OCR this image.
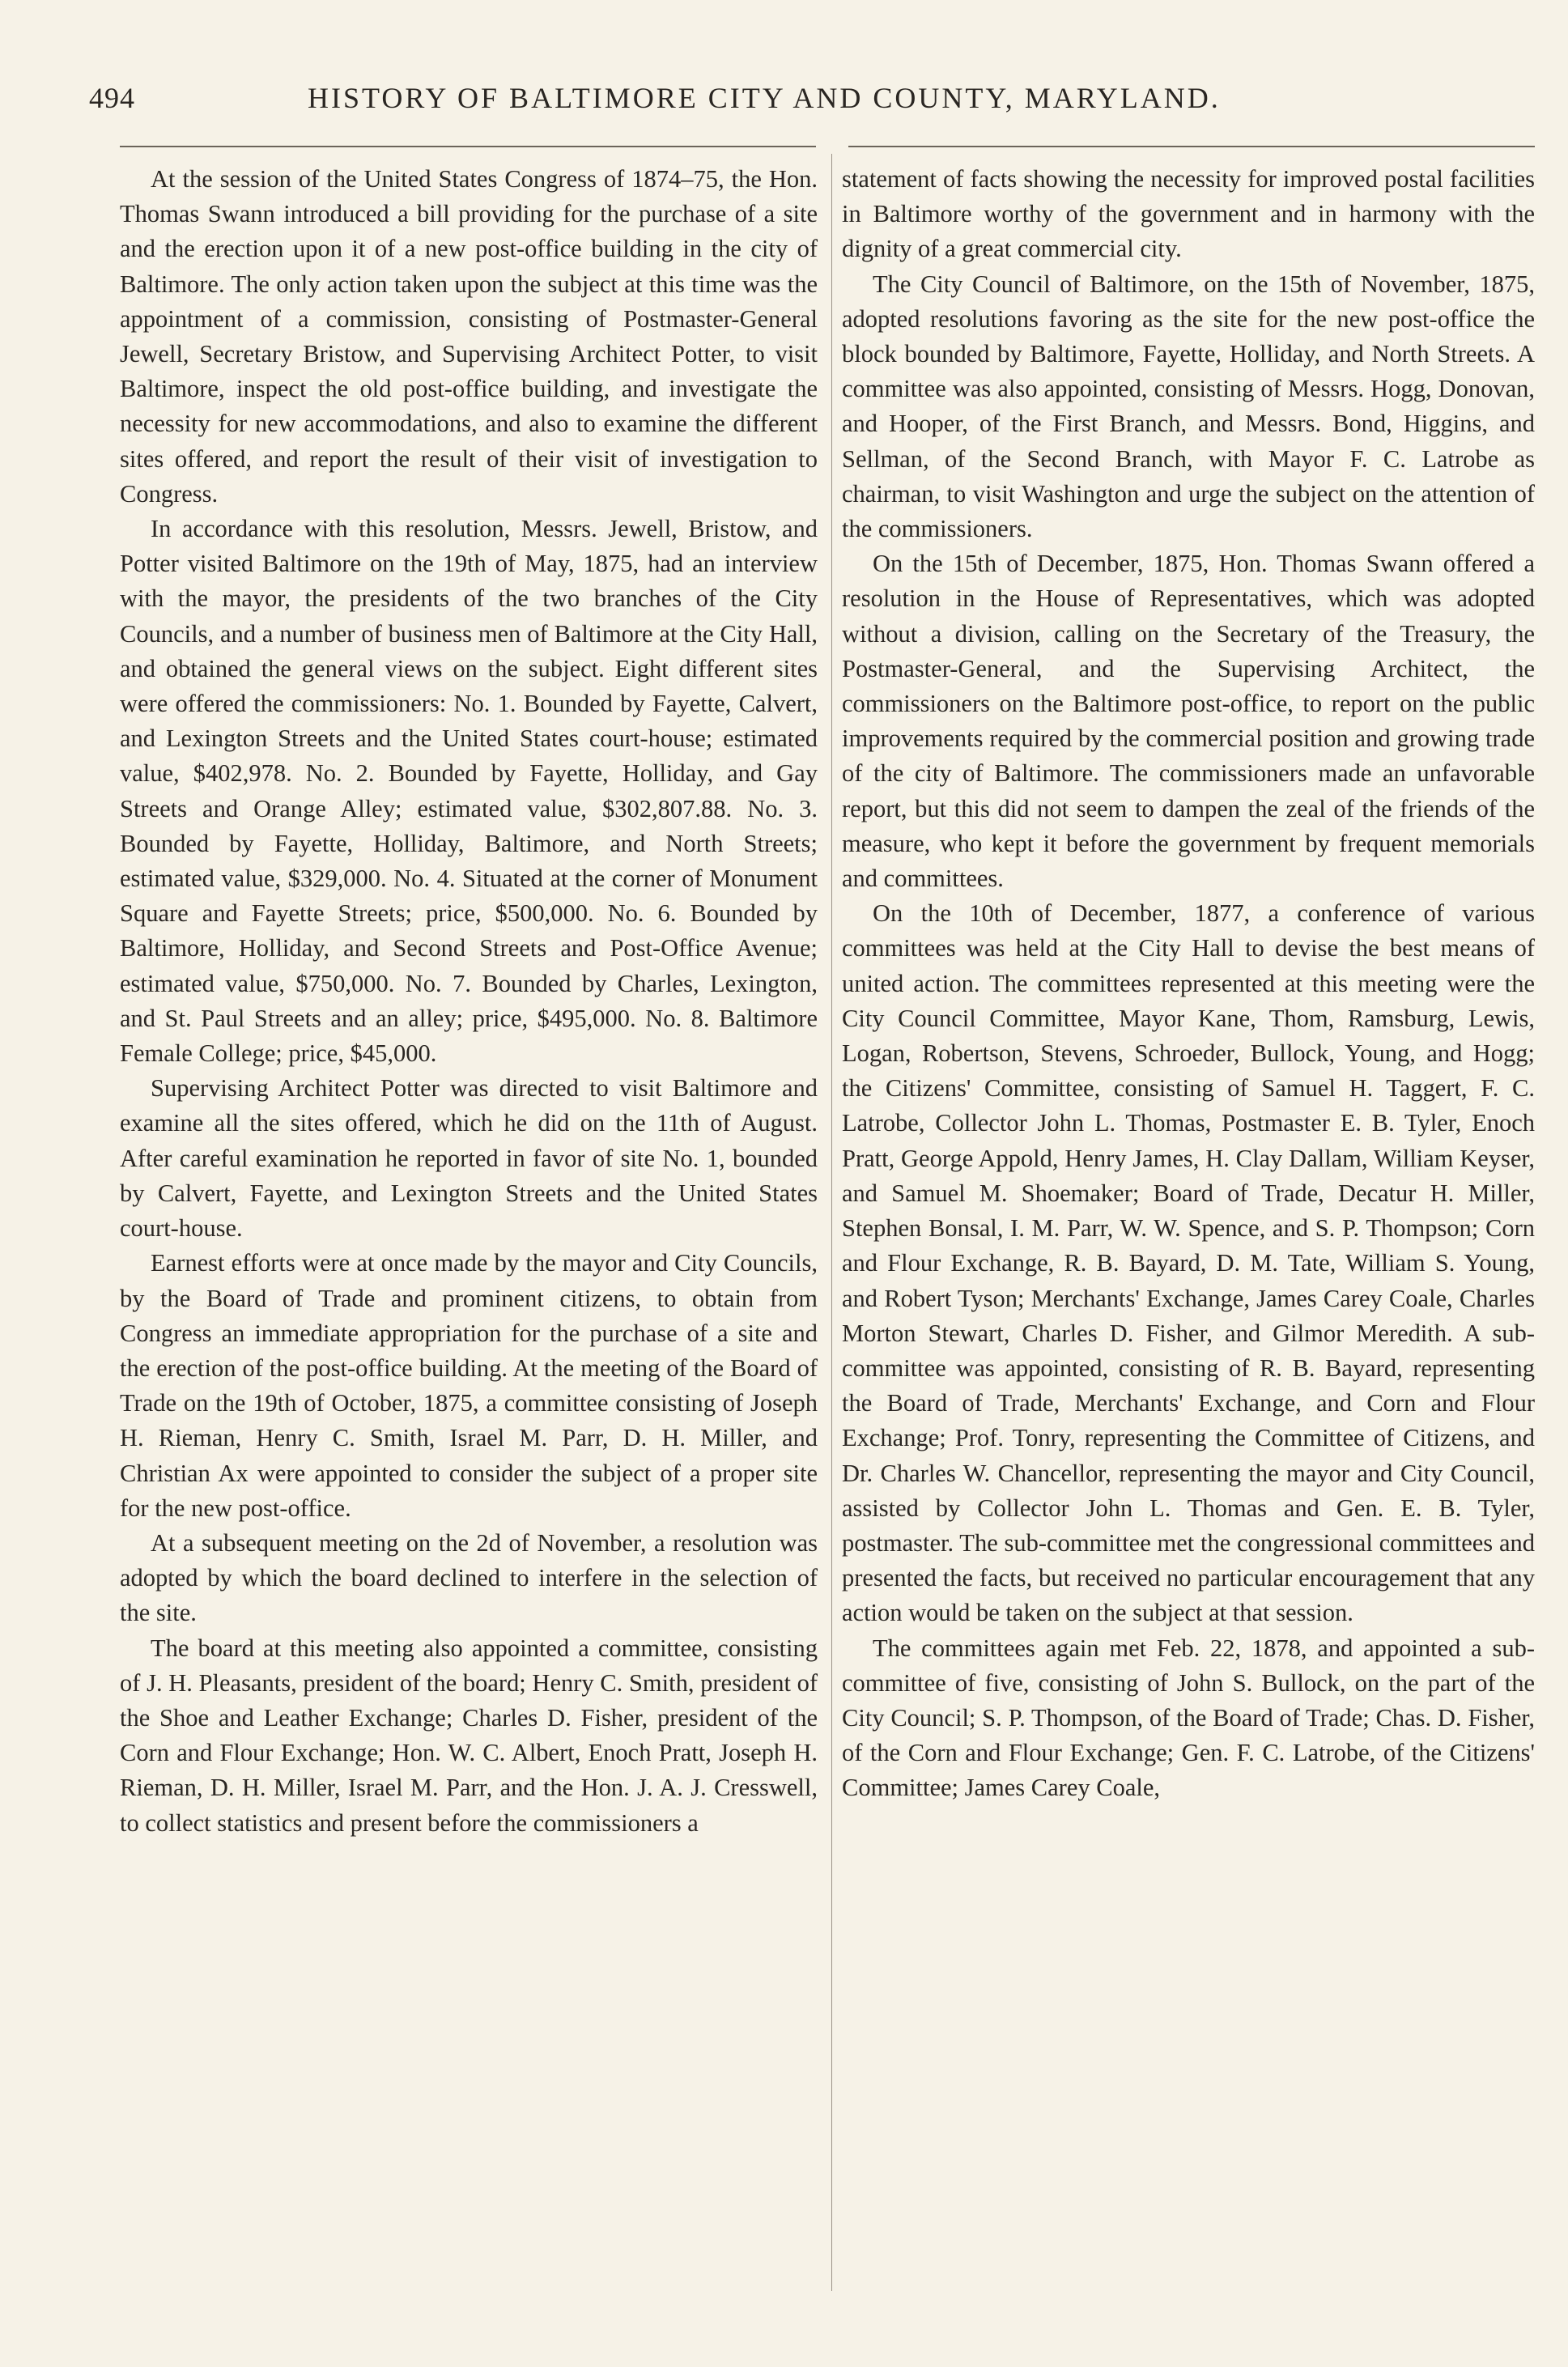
494	HISTORY OF BALTIMORE CITY AND COUNTY, MARYLAND.

At the session of the United States Congress of 1874–75, the Hon. Thomas Swann introduced a bill providing for the purchase of a site and the erection upon it of a new post-office building in the city of Baltimore. The only action taken upon the subject at this time was the appointment of a commission, consisting of Postmaster-General Jewell, Secretary Bristow, and Supervising Architect Potter, to visit Baltimore, inspect the old post-office building, and investigate the necessity for new accommodations, and also to examine the different sites offered, and report the result of their visit of investigation to Congress.

In accordance with this resolution, Messrs. Jewell, Bristow, and Potter visited Baltimore on the 19th of May, 1875, had an interview with the mayor, the presidents of the two branches of the City Councils, and a number of business men of Baltimore at the City Hall, and obtained the general views on the subject. Eight different sites were offered the commissioners: No. 1. Bounded by Fayette, Calvert, and Lexington Streets and the United States court-house; estimated value, $402,978. No. 2. Bounded by Fayette, Holliday, and Gay Streets and Orange Alley; estimated value, $302,807.88. No. 3. Bounded by Fayette, Holliday, Baltimore, and North Streets; estimated value, $329,000. No. 4. Situated at the corner of Monument Square and Fayette Streets; price, $500,000. No. 6. Bounded by Baltimore, Holliday, and Second Streets and Post-Office Avenue; estimated value, $750,000. No. 7. Bounded by Charles, Lexington, and St. Paul Streets and an alley; price, $495,000. No. 8. Baltimore Female College; price, $45,000.

Supervising Architect Potter was directed to visit Baltimore and examine all the sites offered, which he did on the 11th of August. After careful examination he reported in favor of site No. 1, bounded by Calvert, Fayette, and Lexington Streets and the United States court-house.

Earnest efforts were at once made by the mayor and City Councils, by the Board of Trade and prominent citizens, to obtain from Congress an immediate appropriation for the purchase of a site and the erection of the post-office building. At the meeting of the Board of Trade on the 19th of October, 1875, a committee consisting of Joseph H. Rieman, Henry C. Smith, Israel M. Parr, D. H. Miller, and Christian Ax were appointed to consider the subject of a proper site for the new post-office.

At a subsequent meeting on the 2d of November, a resolution was adopted by which the board declined to interfere in the selection of the site.

The board at this meeting also appointed a committee, consisting of J. H. Pleasants, president of the board; Henry C. Smith, president of the Shoe and Leather Exchange; Charles D. Fisher, president of the Corn and Flour Exchange; Hon. W. C. Albert, Enoch Pratt, Joseph H. Rieman, D. H. Miller, Israel M. Parr, and the Hon. J. A. J. Cresswell, to collect statistics and present before the commissioners a

statement of facts showing the necessity for improved postal facilities in Baltimore worthy of the government and in harmony with the dignity of a great commercial city.

The City Council of Baltimore, on the 15th of November, 1875, adopted resolutions favoring as the site for the new post-office the block bounded by Baltimore, Fayette, Holliday, and North Streets. A committee was also appointed, consisting of Messrs. Hogg, Donovan, and Hooper, of the First Branch, and Messrs. Bond, Higgins, and Sellman, of the Second Branch, with Mayor F. C. Latrobe as chairman, to visit Washington and urge the subject on the attention of the commissioners.

On the 15th of December, 1875, Hon. Thomas Swann offered a resolution in the House of Representatives, which was adopted without a division, calling on the Secretary of the Treasury, the Postmaster-General, and the Supervising Architect, the commissioners on the Baltimore post-office, to report on the public improvements required by the commercial position and growing trade of the city of Baltimore. The commissioners made an unfavorable report, but this did not seem to dampen the zeal of the friends of the measure, who kept it before the government by frequent memorials and committees.

On the 10th of December, 1877, a conference of various committees was held at the City Hall to devise the best means of united action. The committees represented at this meeting were the City Council Committee, Mayor Kane, Thom, Ramsburg, Lewis, Logan, Robertson, Stevens, Schroeder, Bullock, Young, and Hogg; the Citizens' Committee, consisting of Samuel H. Taggert, F. C. Latrobe, Collector John L. Thomas, Postmaster E. B. Tyler, Enoch Pratt, George Appold, Henry James, H. Clay Dallam, William Keyser, and Samuel M. Shoemaker; Board of Trade, Decatur H. Miller, Stephen Bonsal, I. M. Parr, W. W. Spence, and S. P. Thompson; Corn and Flour Exchange, R. B. Bayard, D. M. Tate, William S. Young, and Robert Tyson; Merchants' Exchange, James Carey Coale, Charles Morton Stewart, Charles D. Fisher, and Gilmor Meredith. A sub-committee was appointed, consisting of R. B. Bayard, representing the Board of Trade, Merchants' Exchange, and Corn and Flour Exchange; Prof. Tonry, representing the Committee of Citizens, and Dr. Charles W. Chancellor, representing the mayor and City Council, assisted by Collector John L. Thomas and Gen. E. B. Tyler, postmaster. The sub-committee met the congressional committees and presented the facts, but received no particular encouragement that any action would be taken on the subject at that session.

The committees again met Feb. 22, 1878, and appointed a sub-committee of five, consisting of John S. Bullock, on the part of the City Council; S. P. Thompson, of the Board of Trade; Chas. D. Fisher, of the Corn and Flour Exchange; Gen. F. C. Latrobe, of the Citizens' Committee; James Carey Coale,
